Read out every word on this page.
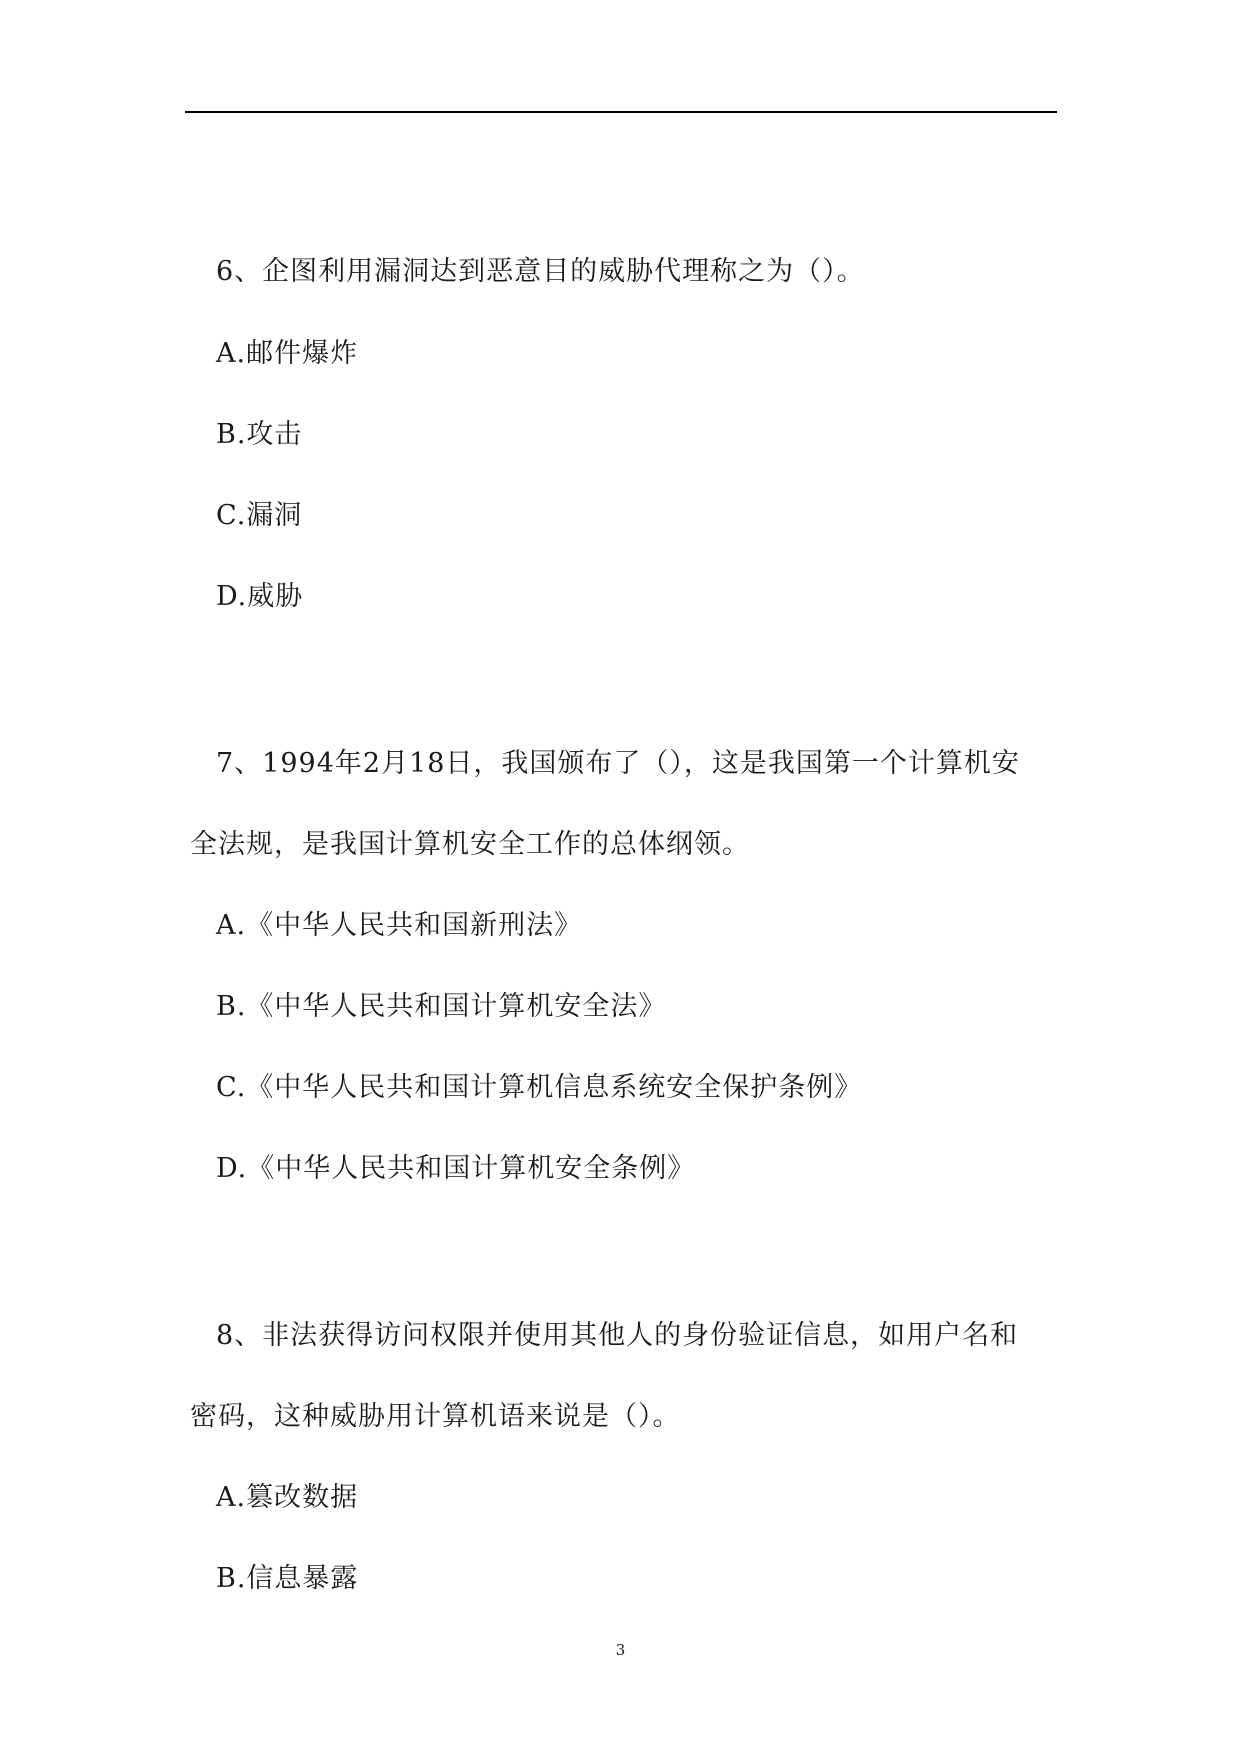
6、企图利用漏洞达到恶意目的威胁代理称之为（）。
A.邮件爆炸
B.攻击
C.漏洞
D.威胁
7、1994年2月18日，我国颁布了（），这是我国第一个计算机安
全法规，是我国计算机安全工作的总体纲领。
A.《中华人民共和国新刑法》
B.《中华人民共和国计算机安全法》
C.《中华人民共和国计算机信息系统安全保护条例》
D.《中华人民共和国计算机安全条例》
8、非法获得访问权限并使用其他人的身份验证信息，如用户名和
密码，这种威胁用计算机语来说是（）。
A.篡改数据
B.信息暴露
3
